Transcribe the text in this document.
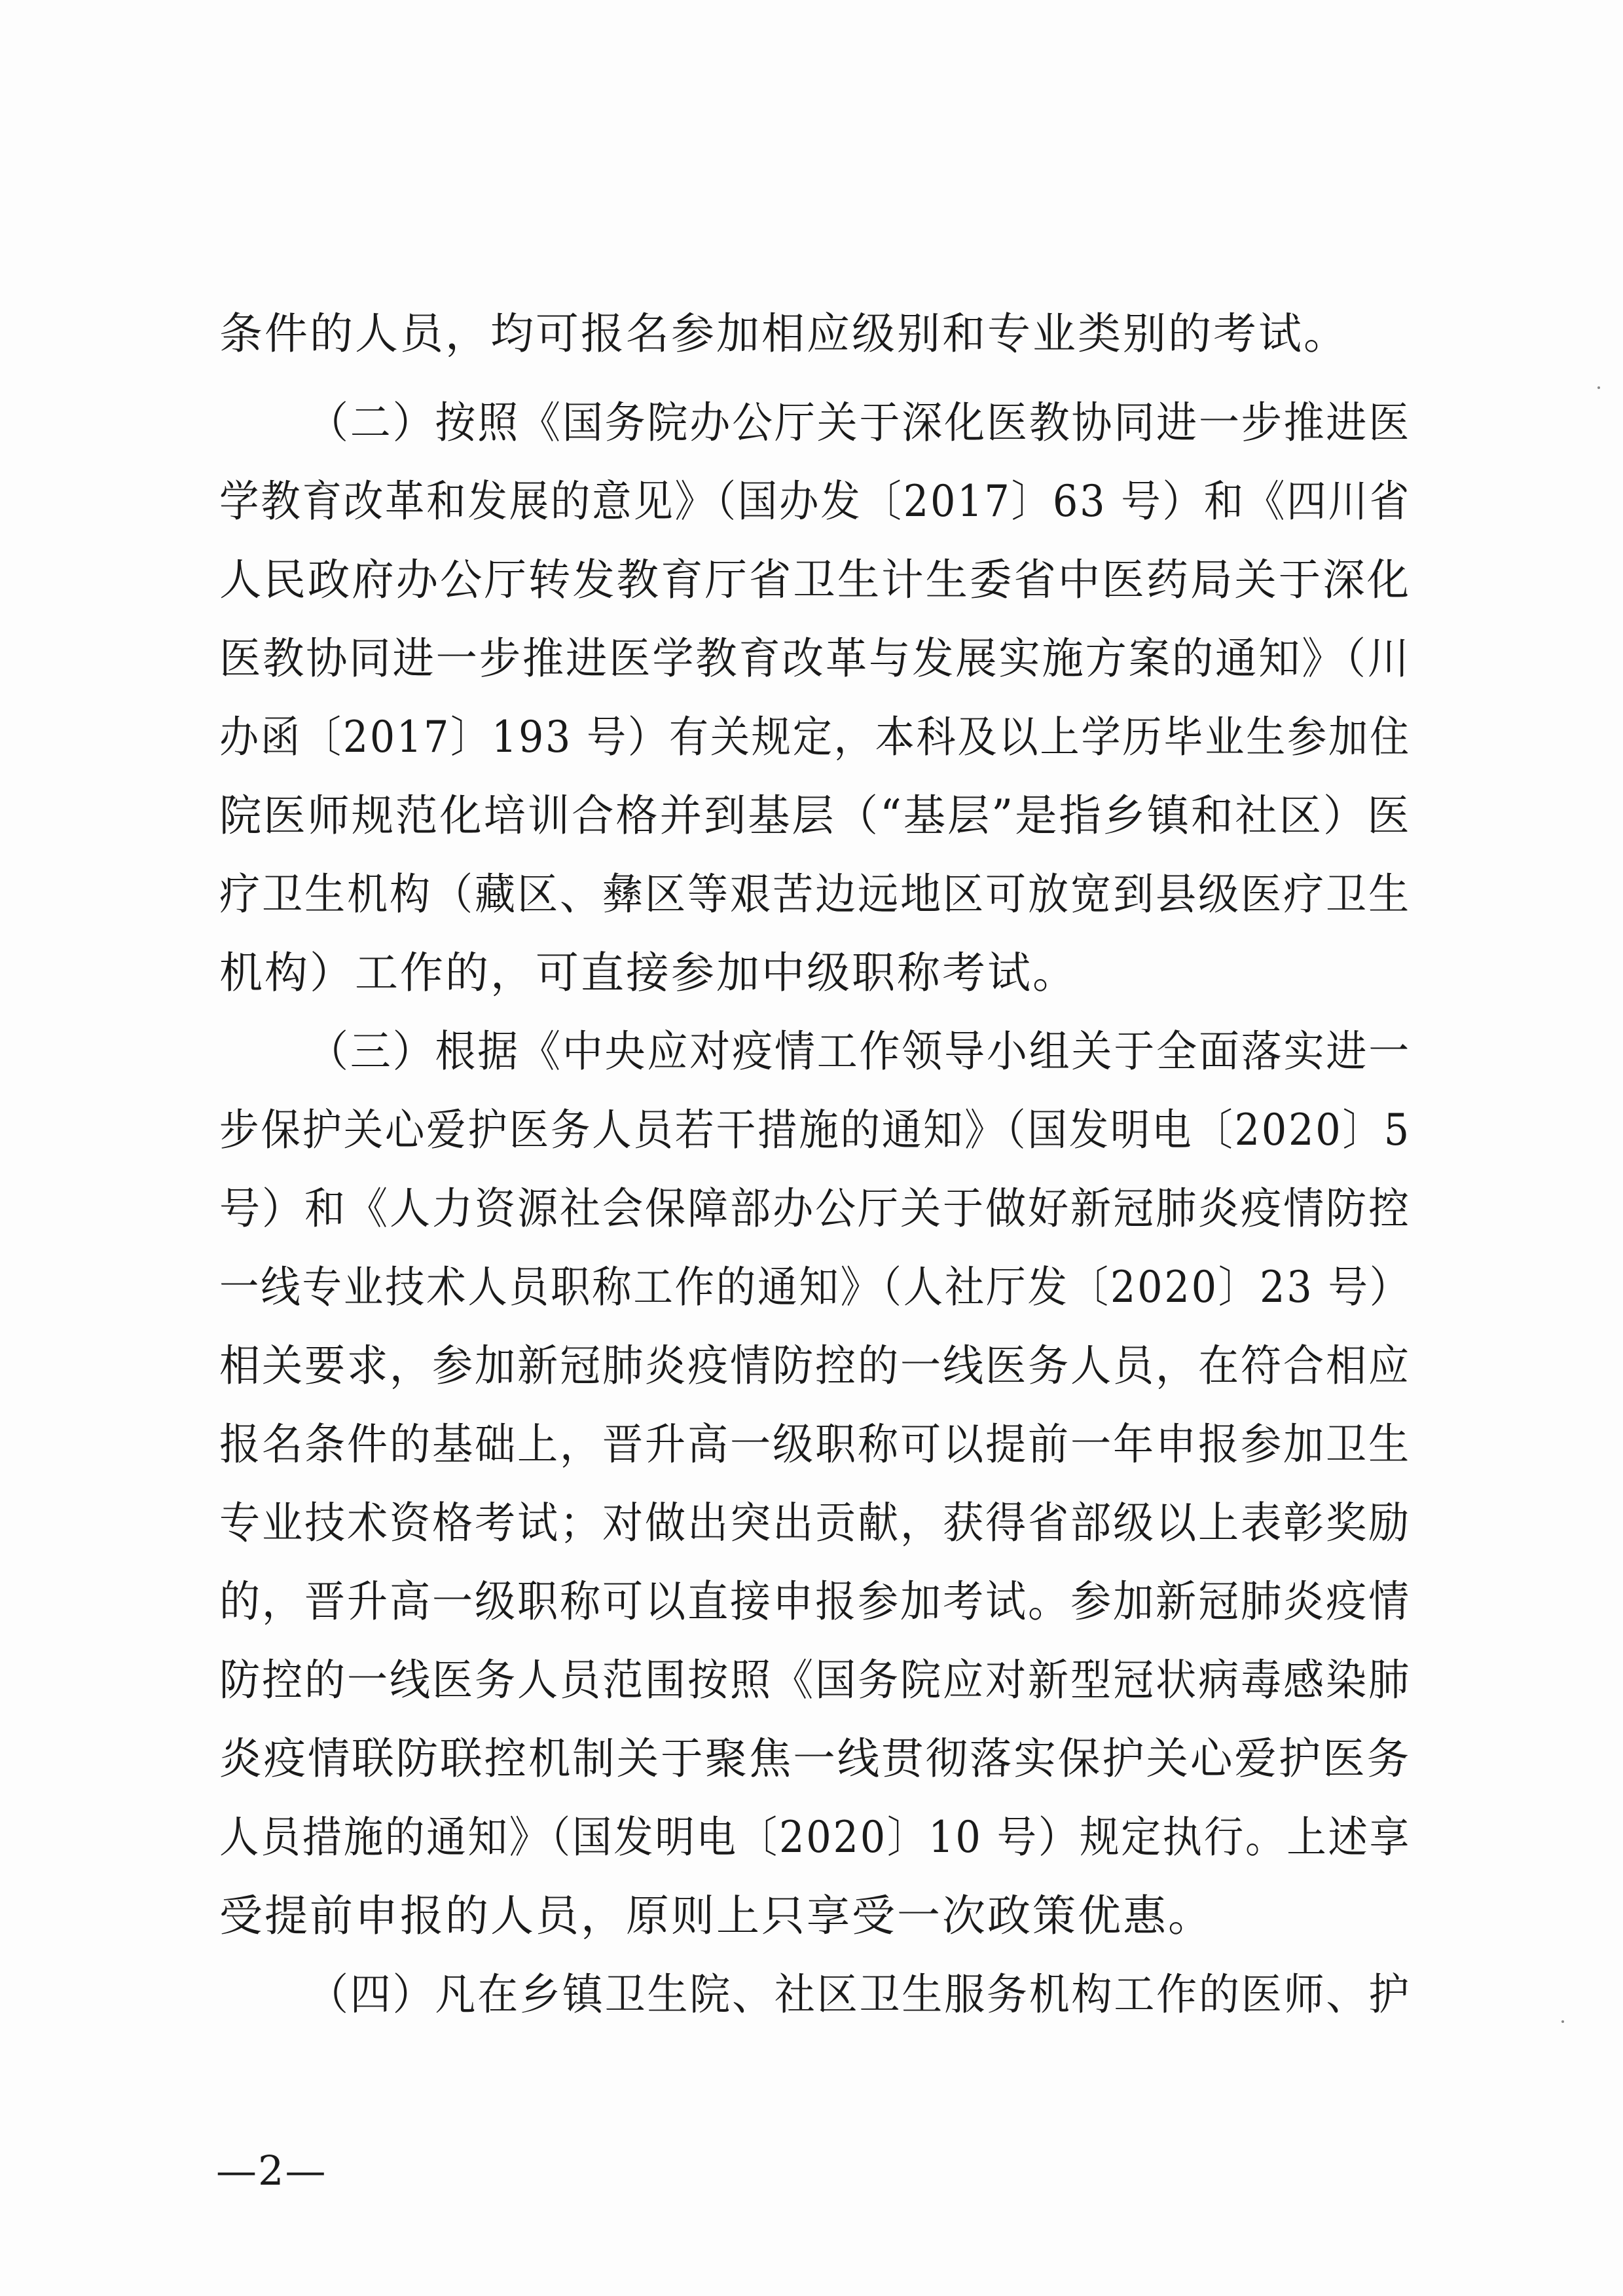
条件的人员，均可报名参加相应级别和专业类别的考试。
（二）按照《国务院办公厅关于深化医教协同进一步推进医
学教育改革和发展的意见》（国办发〔2017〕63 号）和《四川省
人民政府办公厅转发教育厅省卫生计生委省中医药局关于深化
医教协同进一步推进医学教育改革与发展实施方案的通知》（川
办函〔2017〕193 号）有关规定，本科及以上学历毕业生参加住
院医师规范化培训合格并到基层（“基层”是指乡镇和社区）医
疗卫生机构（藏区、彝区等艰苦边远地区可放宽到县级医疗卫生
机构）工作的，可直接参加中级职称考试。
（三）根据《中央应对疫情工作领导小组关于全面落实进一
步保护关心爱护医务人员若干措施的通知》（国发明电〔2020〕5
号）和《人力资源社会保障部办公厅关于做好新冠肺炎疫情防控
一线专业技术人员职称工作的通知》（人社厅发〔2020〕23 号）
相关要求，参加新冠肺炎疫情防控的一线医务人员，在符合相应
报名条件的基础上，晋升高一级职称可以提前一年申报参加卫生
专业技术资格考试；对做出突出贡献，获得省部级以上表彰奖励
的，晋升高一级职称可以直接申报参加考试。参加新冠肺炎疫情
防控的一线医务人员范围按照《国务院应对新型冠状病毒感染肺
炎疫情联防联控机制关于聚焦一线贯彻落实保护关心爱护医务
人员措施的通知》（国发明电〔2020〕10 号）规定执行。上述享
受提前申报的人员，原则上只享受一次政策优惠。
（四）凡在乡镇卫生院、社区卫生服务机构工作的医师、护
—2—
